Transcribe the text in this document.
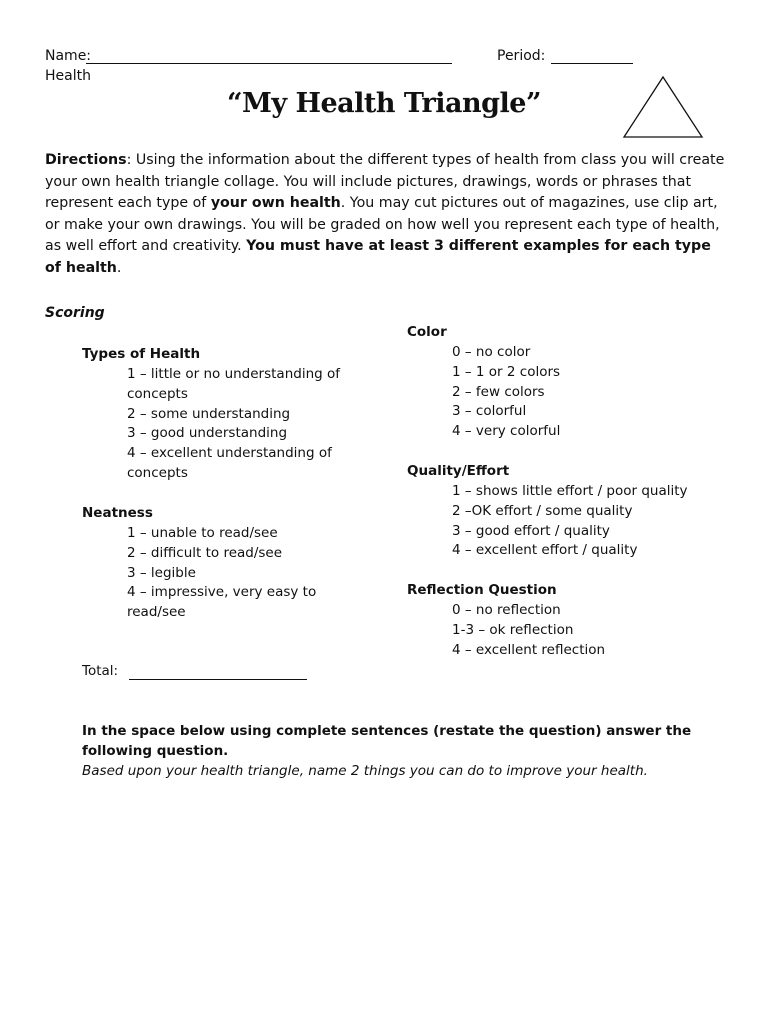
Name:	Period:
Health
“My Health Triangle”
Directions: Using the information about the different types of health from class you will create your own health triangle collage. You will include pictures, drawings, words or phrases that represent each type of your own health. You may cut pictures out of magazines, use clip art, or make your own drawings. You will be graded on how well you represent each type of health, as well effort and creativity. You must have at least 3 different examples for each type of health.
Scoring
Types of Health
1 – little or no understanding of
concepts
2 – some understanding
3 – good understanding
4 – excellent understanding of
concepts
Neatness
1 – unable to read/see
2 – difficult to read/see
3 – legible
4 – impressive, very easy to
read/see
Total:
Color
0 – no color
1 – 1 or 2 colors
2 – few colors
3 – colorful
4 – very colorful
Quality/Effort
1 – shows little effort / poor quality
2 –OK effort / some quality
3 – good effort / quality
4 – excellent effort / quality
Reflection Question
0 – no reflection
1-3 – ok reflection
4 – excellent reflection
In the space below using complete sentences (restate the question) answer the following question.
Based upon your health triangle, name 2 things you can do to improve your health.
